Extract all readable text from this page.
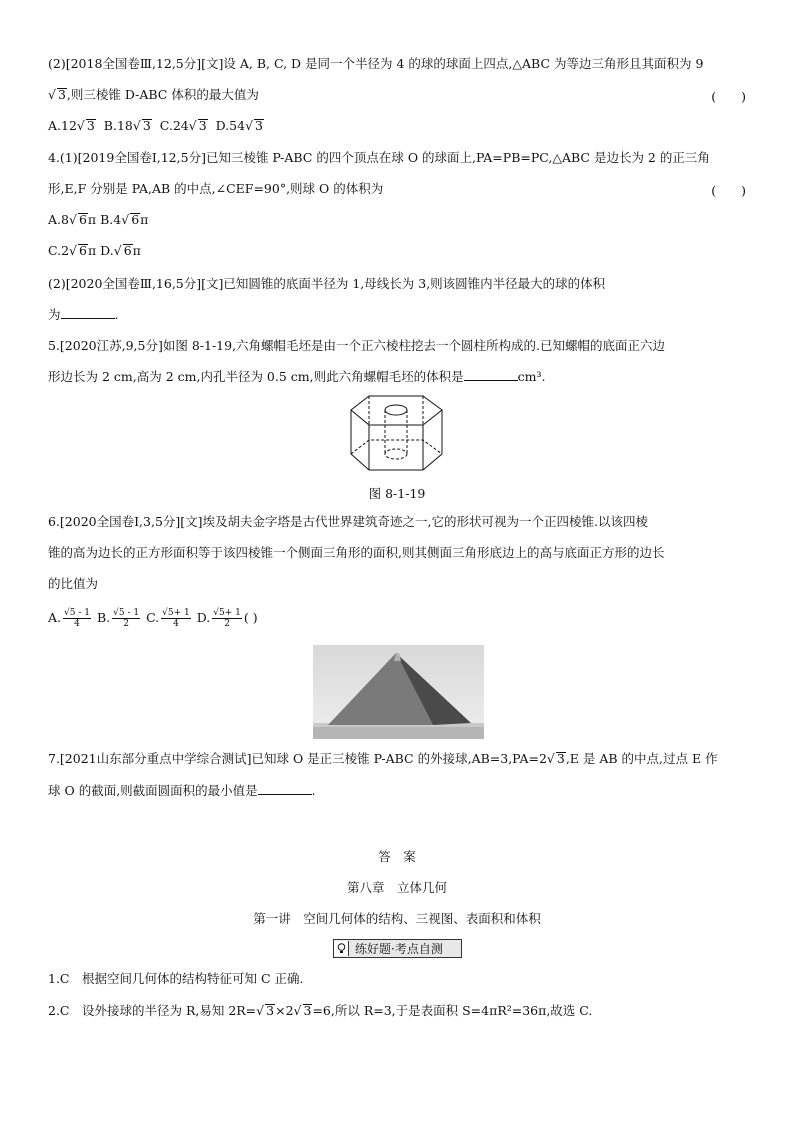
(2)[2018全国卷Ⅲ,12,5分][文]设 A, B, C, D 是同一个半径为 4 的球的球面上四点,△ABC 为等边三角形且其面积为 9
√ 3,则三棱锥 D-ABC 体积的最大值为	(　　)
A.12√ 3 B.18√ 3 C.24√ 3 D.54√ 3
4.(1)[2019全国卷Ⅰ,12,5分]已知三棱锥 P-ABC 的四个顶点在球 O 的球面上,PA=PB=PC,△ABC 是边长为 2 的正三角
形,E,F 分别是 PA,AB 的中点,∠CEF=90°,则球 O 的体积为	(　　)
A.8√ 6π B.4√ 6π
C.2√ 6π D.√ 6π
(2)[2020全国卷Ⅲ,16,5分][文]已知圆锥的底面半径为 1,母线长为 3,则该圆锥内半径最大的球的体积
为	.
5.[2020江苏,9,5分]如图 8-1-19,六角螺帽毛坯是由一个正六棱柱挖去一个圆柱所构成的.已知螺帽的底面正六边
形边长为 2 cm,高为 2 cm,内孔半径为 0.5 cm,则此六角螺帽毛坯的体积是	cm³.
图 8-1-19
6.[2020全国卷Ⅰ,3,5分][文]埃及胡夫金字塔是古代世界建筑奇迹之一,它的形状可视为一个正四棱锥.以该四棱
锥的高为边长的正方形面积等于该四棱锥一个侧面三角形的面积,则其侧面三角形底边上的高与底面正方形的边长
的比值为
A. $\frac{√5 - 1}{4} B$. $\frac{√5 - 1}{2} C$. $\frac{√5+ 1}{4} D$. $\frac{√5+ 1}{2}$ ( )
7.[2021山东部分重点中学综合测试]已知球 O 是正三棱锥 P-ABC 的外接球,AB=3,PA=2√ 3,E 是 AB 的中点,过点 E 作
球 O 的截面,则截面圆面积的最小值是	.
答　案
第八章　立体几何
第一讲　空间几何体的结构、三视图、表面积和体积
练好题·考点自测
1.C　根据空间几何体的结构特征可知 C 正确.
2.C　设外接球的半径为 R,易知 2R=√ 3×2√ 3=6,所以 R=3,于是表面积 S=4πR²=36π,故选 C.
